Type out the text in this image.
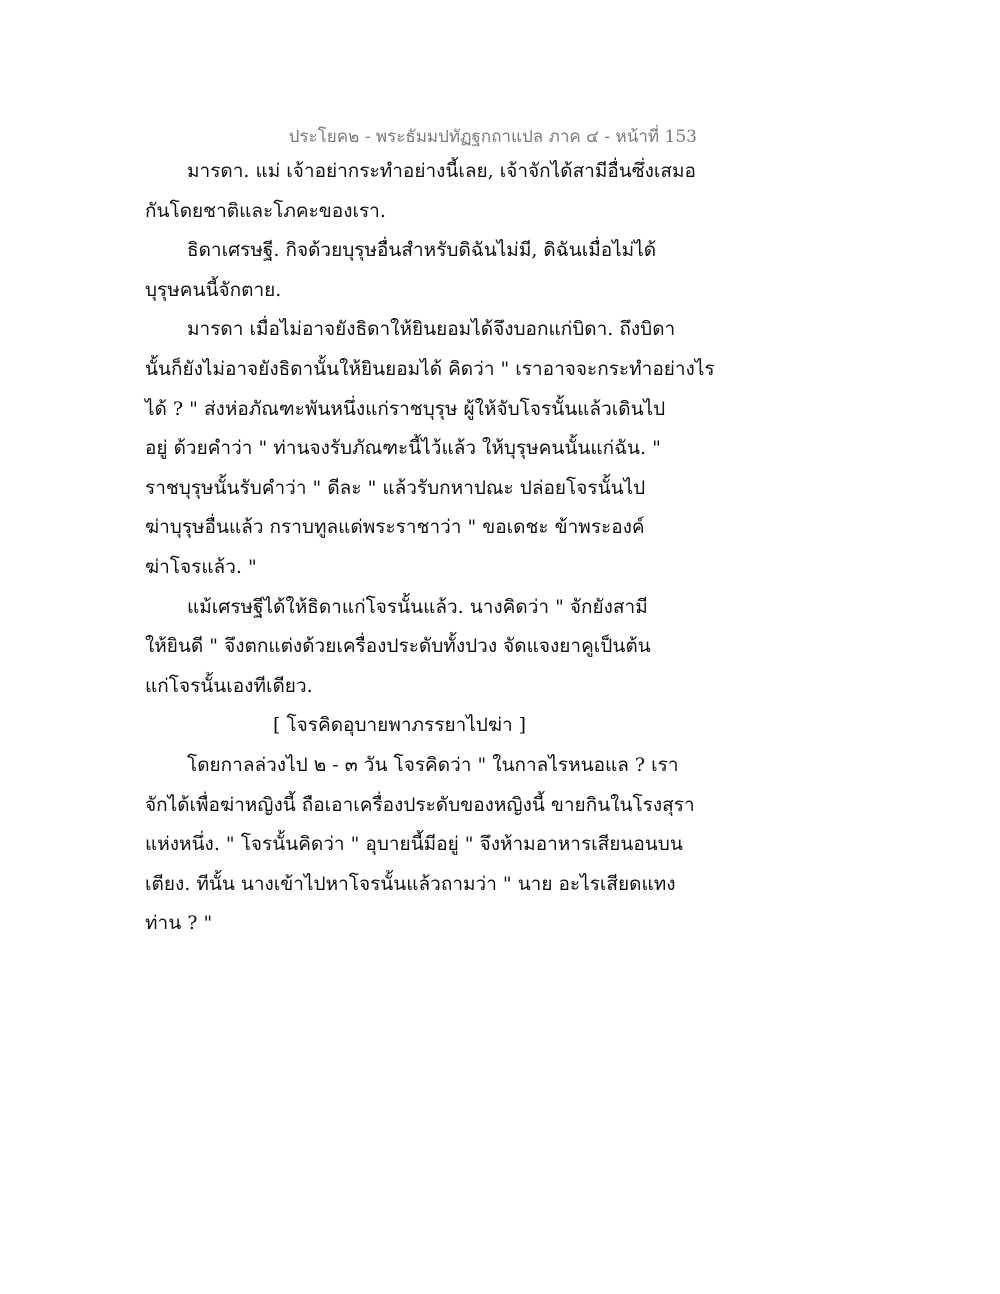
ประโยค๒ - พระธัมมปทัฏฐกถาแปล ภาค ๔ - หน้าที่ 153
มารดา. แม่ เจ้าอย่ากระทำอย่างนี้เลย, เจ้าจักได้สามีอื่นซึ่งเสมอ
กันโดยชาติและโภคะของเรา.
ธิดาเศรษฐี. กิจด้วยบุรุษอื่นสำหรับดิฉันไม่มี, ดิฉันเมื่อไม่ได้
บุรุษคนนี้จักตาย.
มารดา เมื่อไม่อาจยังธิดาให้ยินยอมได้จึงบอกแก่บิดา. ถึงบิดา
นั้นก็ยังไม่อาจยังธิดานั้นให้ยินยอมได้ คิดว่า " เราอาจจะกระทำอย่างไร
ได้ ? " ส่งห่อภัณฑะพันหนึ่งแก่ราชบุรุษ ผู้ให้จับโจรนั้นแล้วเดินไป
อยู่ ด้วยคำว่า " ท่านจงรับภัณฑะนี้ไว้แล้ว ให้บุรุษคนนั้นแก่ฉัน. "
ราชบุรุษนั้นรับคำว่า " ดีละ " แล้วรับกหาปณะ ปล่อยโจรนั้นไป
ฆ่าบุรุษอื่นแล้ว กราบทูลแด่พระราชาว่า " ขอเดชะ ข้าพระองค์
ฆ่าโจรแล้ว. "
แม้เศรษฐีได้ให้ธิดาแก่โจรนั้นแล้ว. นางคิดว่า " จักยังสามี
ให้ยินดี " จึงตกแต่งด้วยเครื่องประดับทั้งปวง จัดแจงยาคูเป็นต้น
แก่โจรนั้นเองทีเดียว.
[ โจรคิดอุบายพาภรรยาไปฆ่า ]
โดยกาลล่วงไป ๒ - ๓ วัน โจรคิดว่า " ในกาลไรหนอแล ? เรา
จักได้เพื่อฆ่าหญิงนี้ ถือเอาเครื่องประดับของหญิงนี้ ขายกินในโรงสุรา
แห่งหนึ่ง. " โจรนั้นคิดว่า " อุบายนี้มีอยู่ " จึงห้ามอาหารเสียนอนบน
เตียง. ทีนั้น นางเข้าไปหาโจรนั้นแล้วถามว่า " นาย อะไรเสียดแทง
ท่าน ? "
